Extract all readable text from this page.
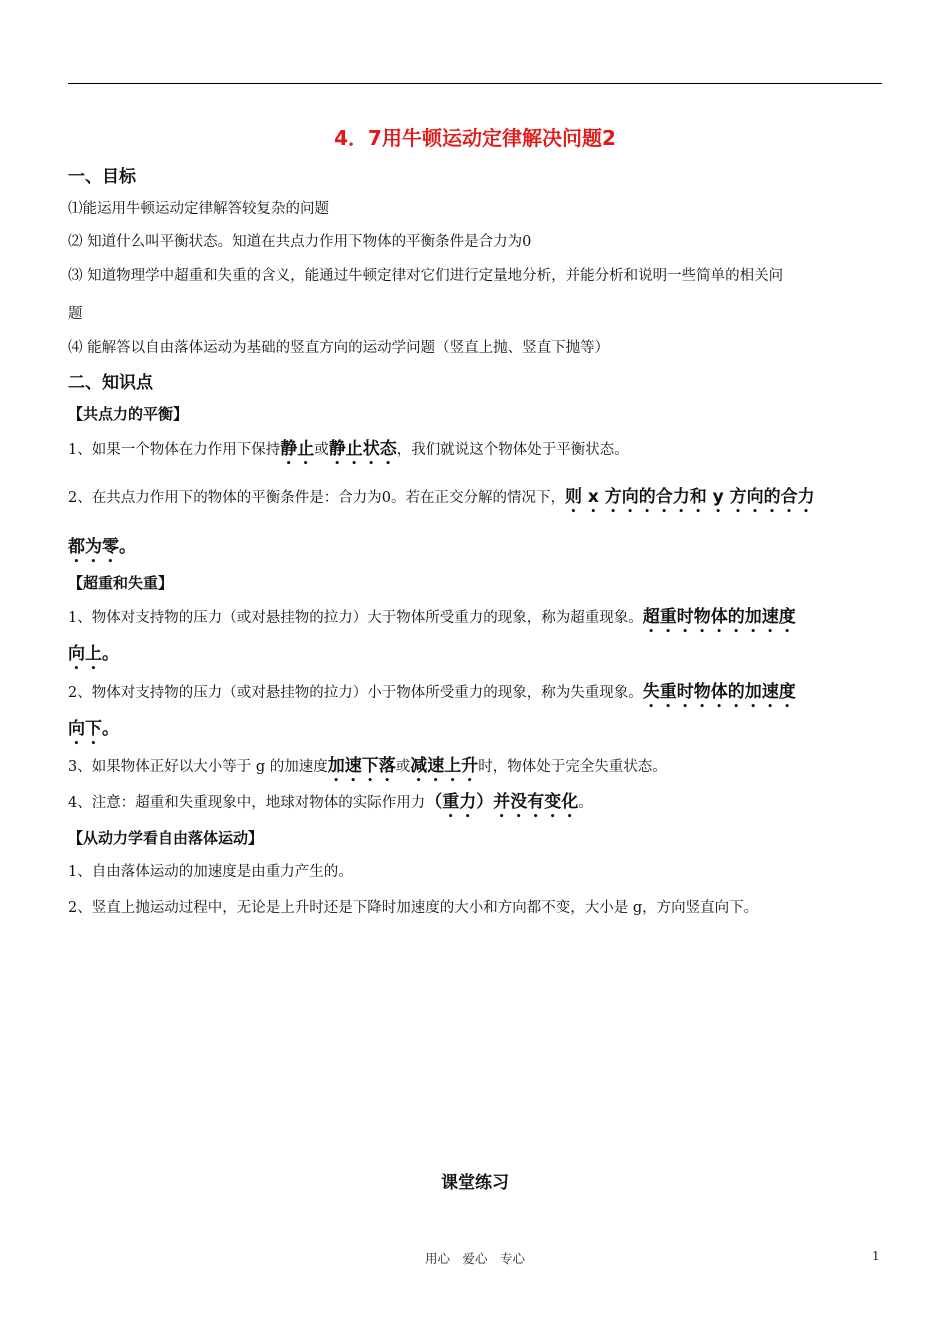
4．7用牛顿运动定律解决问题2
一、目标
⑴能运用牛顿运动定律解答较复杂的问题
⑵ 知道什么叫平衡状态。知道在共点力作用下物体的平衡条件是合力为0
⑶ 知道物理学中超重和失重的含义，能通过牛顿定律对它们进行定量地分析，并能分析和说明一些简单的相关问
题
⑷ 能解答以自由落体运动为基础的竖直方向的运动学问题（竖直上抛、竖直下抛等）
二、知识点
【共点力的平衡】
1、如果一个物体在力作用下保持静止或静止状态，我们就说这个物体处于平衡状态。
2、在共点力作用下的物体的平衡条件是：合力为0。若在正交分解的情况下，则 x 方向的合力和 y 方向的合力
都为零。
【超重和失重】
1、物体对支持物的压力（或对悬挂物的拉力）大于物体所受重力的现象，称为超重现象。超重时物体的加速度
向上。
2、物体对支持物的压力（或对悬挂物的拉力）小于物体所受重力的现象，称为失重现象。失重时物体的加速度
向下。
3、如果物体正好以大小等于 g 的加速度加速下落或减速上升时，物体处于完全失重状态。
4、注意：超重和失重现象中，地球对物体的实际作用力（重力）并没有变化。
【从动力学看自由落体运动】
1、自由落体运动的加速度是由重力产生的。
2、竖直上抛运动过程中，无论是上升时还是下降时加速度的大小和方向都不变，大小是 g，方向竖直向下。
课堂练习
用心　爱心　专心	1
